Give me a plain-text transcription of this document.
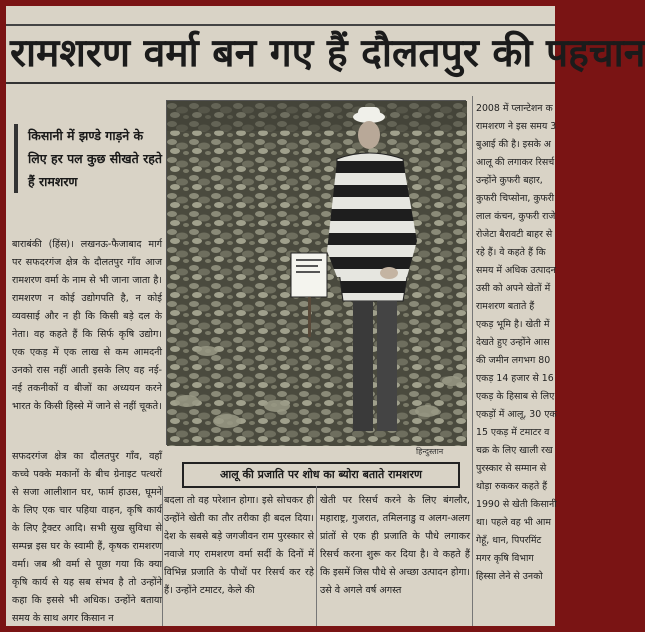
रामशरण वर्मा बन गए हैं दौलतपुर की पहचान
किसानी में झण्डे गाड़ने के लिए हर पल कुछ सीखते रहते हैं रामशरण

बाराबंकी (हिंस)। लखनऊ-फैजाबाद मार्ग पर सफदरगंज क्षेत्र के दौलतपुर गाँव आज रामशरण वर्मा के नाम से भी जाना जाता है। रामशरण न कोई उद्योगपति है, न कोई व्यवसाई और न ही कि किसी बड़े दल के नेता। वह कहते हैं कि सिर्फ कृषि उद्योग। एक एकड़ में एक लाख से कम आमदनी उनको रास नहीं आती इसके लिए वह नई-नई तकनीकों व बीजों का अध्ययन करने भारत के किसी हिस्से में जाने से नहीं चूकते।

सफदरगंज क्षेत्र का दौलतपुर गाँव, वहाँ कच्चे पक्के मकानों के बीच ग्रेनाइट पत्थरों से सजा आलीशान घर, फार्म हाउस, घूमने के लिए एक चार पहिया वाहन, कृषि कार्य के लिए ट्रैक्टर आदि। सभी सुख सुविधा से सम्पन्न इस घर के स्वामी हैं, कृषक रामशरण वर्मा। जब श्री वर्मा से पूछा गया कि क्या कृषि कार्य से यह सब संभव है तो उन्होंने कहा कि इससे भी अधिक। उन्होंने बताया समय के साथ अगर किसान न

हिन्दुस्तान
आलू की प्रजाति पर शोध का ब्योरा बताते रामशरण

बदला तो वह परेशान होगा। इसे सोचकर ही उन्होंने खेती का तौर तरीका ही बदल दिया। देश के सबसे बड़े जगजीवन राम पुरस्कार से नवाजे गए रामशरण वर्मा सर्दी के दिनों में विभिन्न प्रजाति के पौधों पर रिसर्च कर रहे हैं। उन्होंने टमाटर, केले की

खेती पर रिसर्च करने के लिए बंगलौर, महाराष्ट्र, गुजरात, तमिलनाडु व अलग-अलग प्रांतों से एक ही प्रजाति के पौधे लगाकर रिसर्च करना शुरू कर दिया है। वे कहते हैं कि इसमें जिस पौधे से अच्छा उत्पादन होगा। उसे वे अगले वर्ष अगस्त

2008 में प्लान्टेशन क
रामशरण ने इस समय 3
बुआई की है। इसके अ
आलू की लगाकर रिसर्च
उन्होंने कुफरी बहार,
कुफरी चिप्सोना, कुफरी
लाल कंचन, कुफरी राजे
रोजेटा बैरावटी बाहर से
रहे हैं। वे कहते हैं कि
समय में अधिक उत्पादन
उसी को अपने खेतों में
रामशरण बताते हैं
एकड़ भूमि है। खेती में
देखते हुए उन्होंने आस
की जमीन लगभग 80
एकड़ 14 हजार से 16
एकड़ के हिसाब से लिए
एकड़ों में आलू, 30 एक
15 एकड़ में टमाटर व
चक्र के लिए खाली रख
पुरस्कार से सम्मान से
थोड़ा रुककर कहते हैं
1990 से खेती किसानी
था। पहले वह भी आम
गेहूँ, धान, पिपरमिंट
मगर कृषि विभाग
हिस्सा लेने से उनको
